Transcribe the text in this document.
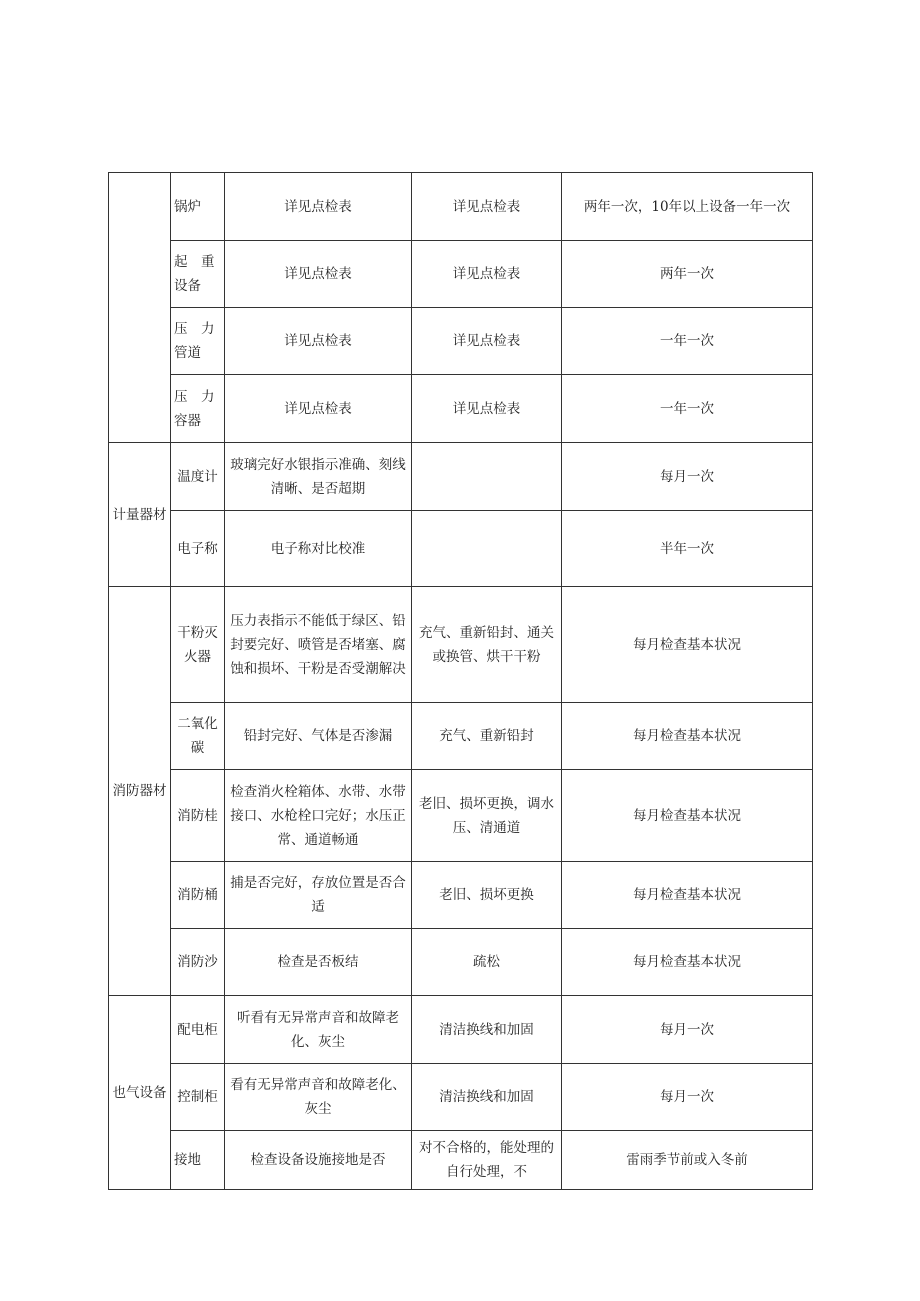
	锅炉	详见点检表	详见点检表	两年一次，10年以上设备一年一次
	起　重设备	详见点检表	详见点检表	两年一次
	压　力管道	详见点检表	详见点检表	一年一次
	压　力容器	详见点检表	详见点检表	一年一次
计量器材	温度计	玻璃完好水银指示准确、刻线清晰、是否超期		每月一次
	电子称	电子称对比校准		半年一次
消防器材	干粉灭火器	压力表指示不能低于绿区、铅封要完好、喷管是否堵塞、腐蚀和损坏、干粉是否受潮解决	充气、重新铅封、通关或换管、烘干干粉	每月检查基本状况
	二氧化碳	铅封完好、气体是否渗漏	充气、重新铅封	每月检查基本状况
	消防桂	检查消火栓箱体、水带、水带接口、水枪栓口完好；水压正常、通道畅通	老旧、损坏更换，调水压、清通道	每月检查基本状况
	消防桶	捕是否完好，存放位置是否合适	老旧、损坏更换	每月检查基本状况
	消防沙	检查是否板结	疏松	每月检查基本状况
也气设备	配电柜	听看有无异常声音和故障老化、灰尘	清洁换线和加固	每月一次
	控制柜	看有无异常声音和故障老化、灰尘	清洁换线和加固	每月一次
	接地	检查设备设施接地是否	对不合格的，能处理的自行处理，不	雷雨季节前或入冬前
